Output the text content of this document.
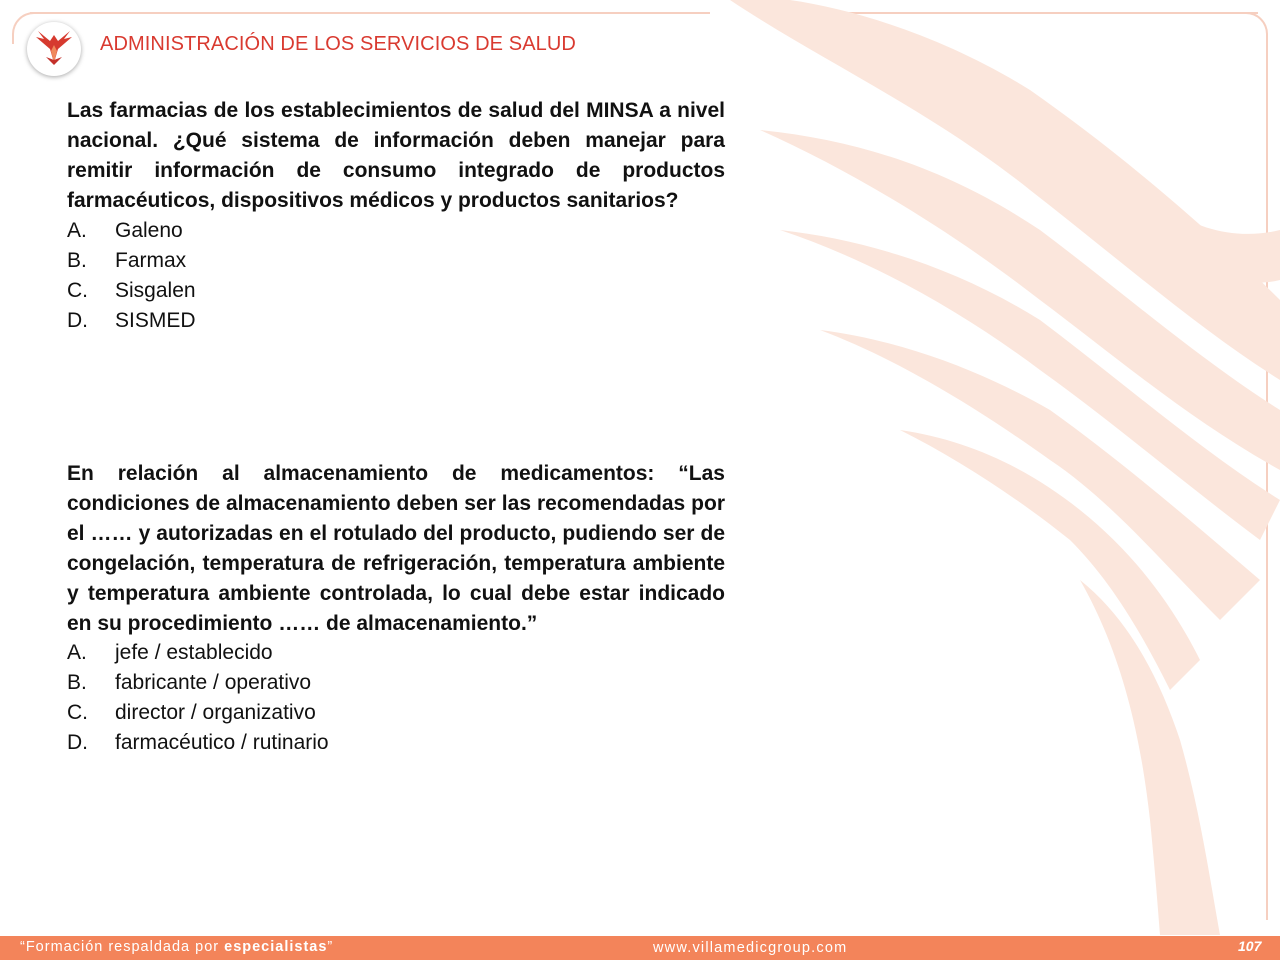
ADMINISTRACIÓN DE LOS SERVICIOS DE SALUD

Las farmacias de los establecimientos de salud del MINSA a nivel nacional. ¿Qué sistema de información deben manejar para remitir información de consumo integrado de productos farmacéuticos, dispositivos médicos y productos sanitarios?

A.	Galeno
B.	Farmax
C.	Sisgalen
D.	SISMED

En relación al almacenamiento de medicamentos: “Las condiciones de almacenamiento deben ser las recomendadas por el …… y autorizadas en el rotulado del producto, pudiendo ser de congelación, temperatura de refrigeración, temperatura ambiente y temperatura ambiente controlada, lo cual debe estar indicado en su procedimiento …… de almacenamiento.”

A.	jefe / establecido
B.	fabricante / operativo
C.	director / organizativo
D.	farmacéutico / rutinario
“Formación respaldada por especialistas”	www.villamedicgroup.com	107
